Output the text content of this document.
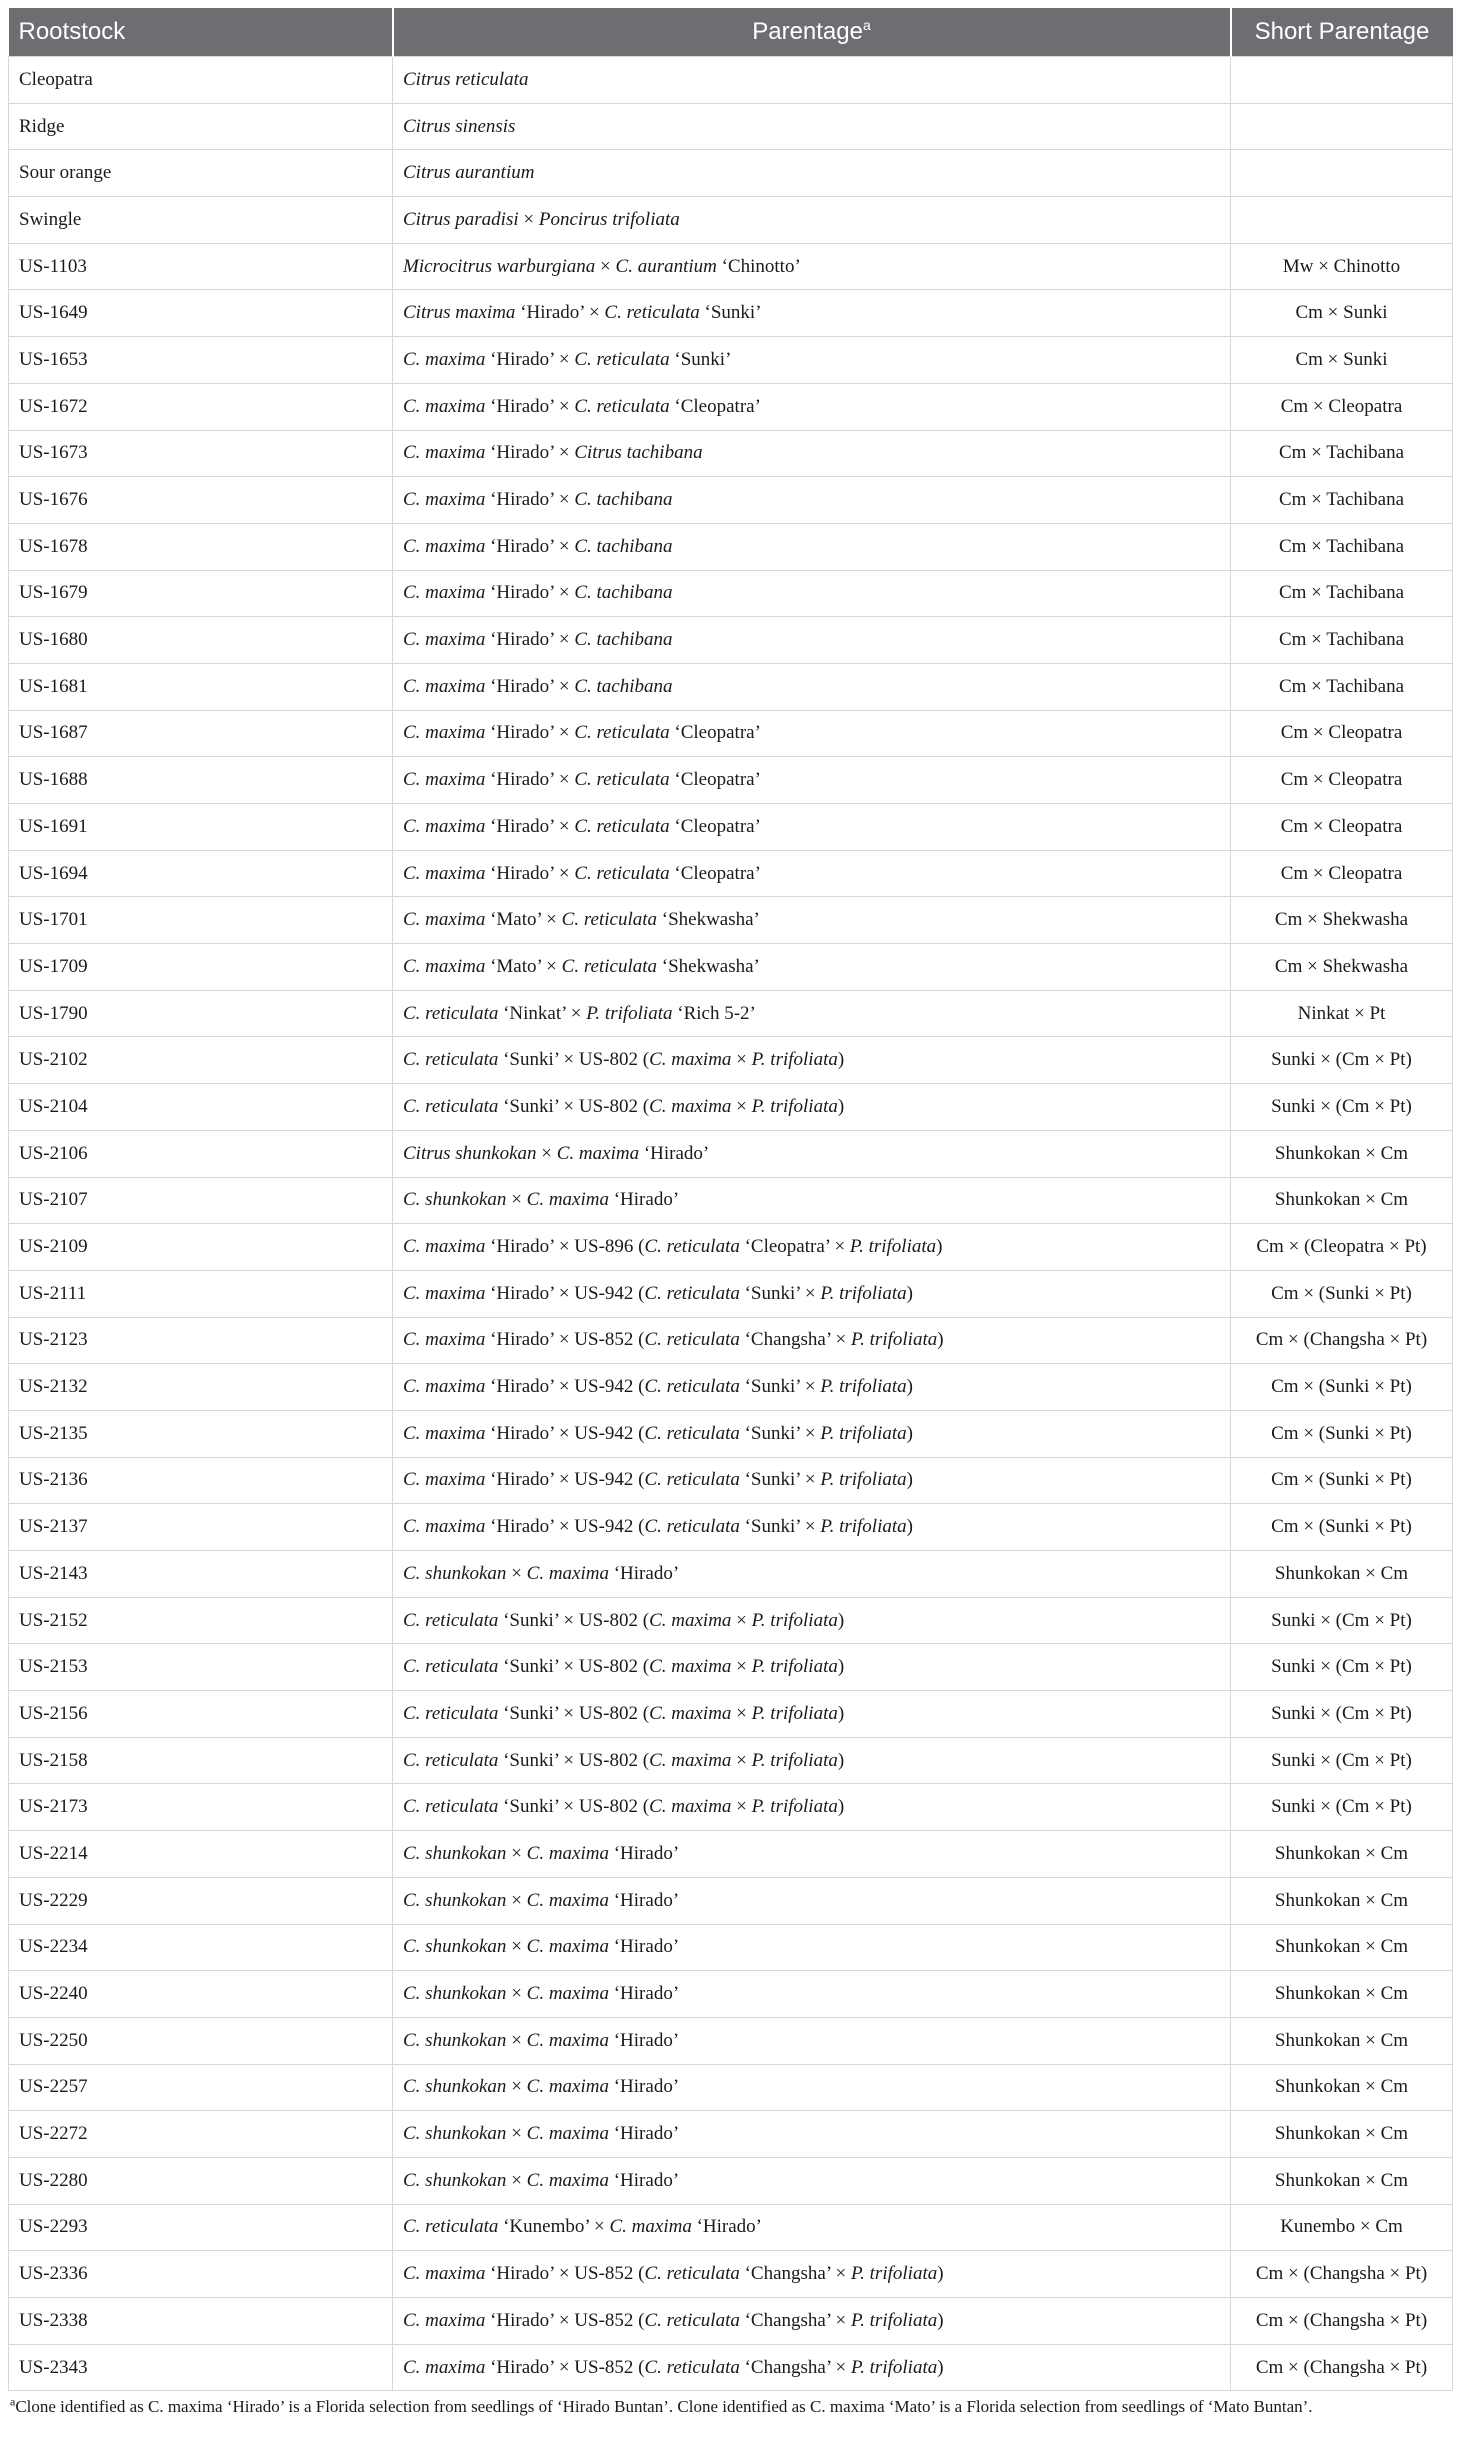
Rootstock	Parentage$^a$	Short Parentage
Cleopatra	Citrus reticulata	
Ridge	Citrus sinensis	
Sour orange	Citrus aurantium	
Swingle	Citrus paradisi × Poncirus trifoliata	
US-1103	Microcitrus warburgiana × C. aurantium ‘Chinotto’	Mw × Chinotto
US-1649	Citrus maxima ‘Hirado’ × C. reticulata ‘Sunki’	Cm × Sunki
US-1653	C. maxima ‘Hirado’ × C. reticulata ‘Sunki’	Cm × Sunki
US-1672	C. maxima ‘Hirado’ × C. reticulata ‘Cleopatra’	Cm × Cleopatra
US-1673	C. maxima ‘Hirado’ × Citrus tachibana	Cm × Tachibana
US-1676	C. maxima ‘Hirado’ × C. tachibana	Cm × Tachibana
US-1678	C. maxima ‘Hirado’ × C. tachibana	Cm × Tachibana
US-1679	C. maxima ‘Hirado’ × C. tachibana	Cm × Tachibana
US-1680	C. maxima ‘Hirado’ × C. tachibana	Cm × Tachibana
US-1681	C. maxima ‘Hirado’ × C. tachibana	Cm × Tachibana
US-1687	C. maxima ‘Hirado’ × C. reticulata ‘Cleopatra’	Cm × Cleopatra
US-1688	C. maxima ‘Hirado’ × C. reticulata ‘Cleopatra’	Cm × Cleopatra
US-1691	C. maxima ‘Hirado’ × C. reticulata ‘Cleopatra’	Cm × Cleopatra
US-1694	C. maxima ‘Hirado’ × C. reticulata ‘Cleopatra’	Cm × Cleopatra
US-1701	C. maxima ‘Mato’ × C. reticulata ‘Shekwasha’	Cm × Shekwasha
US-1709	C. maxima ‘Mato’ × C. reticulata ‘Shekwasha’	Cm × Shekwasha
US-1790	C. reticulata ‘Ninkat’ × P. trifoliata ‘Rich 5-2’	Ninkat × Pt
US-2102	C. reticulata ‘Sunki’ × US-802 (C. maxima × P. trifoliata)	Sunki × (Cm × Pt)
US-2104	C. reticulata ‘Sunki’ × US-802 (C. maxima × P. trifoliata)	Sunki × (Cm × Pt)
US-2106	Citrus shunkokan × C. maxima ‘Hirado’	Shunkokan × Cm
US-2107	C. shunkokan × C. maxima ‘Hirado’	Shunkokan × Cm
US-2109	C. maxima ‘Hirado’ × US-896 (C. reticulata ‘Cleopatra’ × P. trifoliata)	Cm × (Cleopatra × Pt)
US-2111	C. maxima ‘Hirado’ × US-942 (C. reticulata ‘Sunki’ × P. trifoliata)	Cm × (Sunki × Pt)
US-2123	C. maxima ‘Hirado’ × US-852 (C. reticulata ‘Changsha’ × P. trifoliata)	Cm × (Changsha × Pt)
US-2132	C. maxima ‘Hirado’ × US-942 (C. reticulata ‘Sunki’ × P. trifoliata)	Cm × (Sunki × Pt)
US-2135	C. maxima ‘Hirado’ × US-942 (C. reticulata ‘Sunki’ × P. trifoliata)	Cm × (Sunki × Pt)
US-2136	C. maxima ‘Hirado’ × US-942 (C. reticulata ‘Sunki’ × P. trifoliata)	Cm × (Sunki × Pt)
US-2137	C. maxima ‘Hirado’ × US-942 (C. reticulata ‘Sunki’ × P. trifoliata)	Cm × (Sunki × Pt)
US-2143	C. shunkokan × C. maxima ‘Hirado’	Shunkokan × Cm
US-2152	C. reticulata ‘Sunki’ × US-802 (C. maxima × P. trifoliata)	Sunki × (Cm × Pt)
US-2153	C. reticulata ‘Sunki’ × US-802 (C. maxima × P. trifoliata)	Sunki × (Cm × Pt)
US-2156	C. reticulata ‘Sunki’ × US-802 (C. maxima × P. trifoliata)	Sunki × (Cm × Pt)
US-2158	C. reticulata ‘Sunki’ × US-802 (C. maxima × P. trifoliata)	Sunki × (Cm × Pt)
US-2173	C. reticulata ‘Sunki’ × US-802 (C. maxima × P. trifoliata)	Sunki × (Cm × Pt)
US-2214	C. shunkokan × C. maxima ‘Hirado’	Shunkokan × Cm
US-2229	C. shunkokan × C. maxima ‘Hirado’	Shunkokan × Cm
US-2234	C. shunkokan × C. maxima ‘Hirado’	Shunkokan × Cm
US-2240	C. shunkokan × C. maxima ‘Hirado’	Shunkokan × Cm
US-2250	C. shunkokan × C. maxima ‘Hirado’	Shunkokan × Cm
US-2257	C. shunkokan × C. maxima ‘Hirado’	Shunkokan × Cm
US-2272	C. shunkokan × C. maxima ‘Hirado’	Shunkokan × Cm
US-2280	C. shunkokan × C. maxima ‘Hirado’	Shunkokan × Cm
US-2293	C. reticulata ‘Kunembo’ × C. maxima ‘Hirado’	Kunembo × Cm
US-2336	C. maxima ‘Hirado’ × US-852 (C. reticulata ‘Changsha’ × P. trifoliata)	Cm × (Changsha × Pt)
US-2338	C. maxima ‘Hirado’ × US-852 (C. reticulata ‘Changsha’ × P. trifoliata)	Cm × (Changsha × Pt)
US-2343	C. maxima ‘Hirado’ × US-852 (C. reticulata ‘Changsha’ × P. trifoliata)	Cm × (Changsha × Pt)
$^a$Clone identified as C. maxima ‘Hirado’ is a Florida selection from seedlings of ‘Hirado Buntan’. Clone identified as C. maxima ‘Mato’ is a Florida selection from seedlings of ‘Mato Buntan’.
